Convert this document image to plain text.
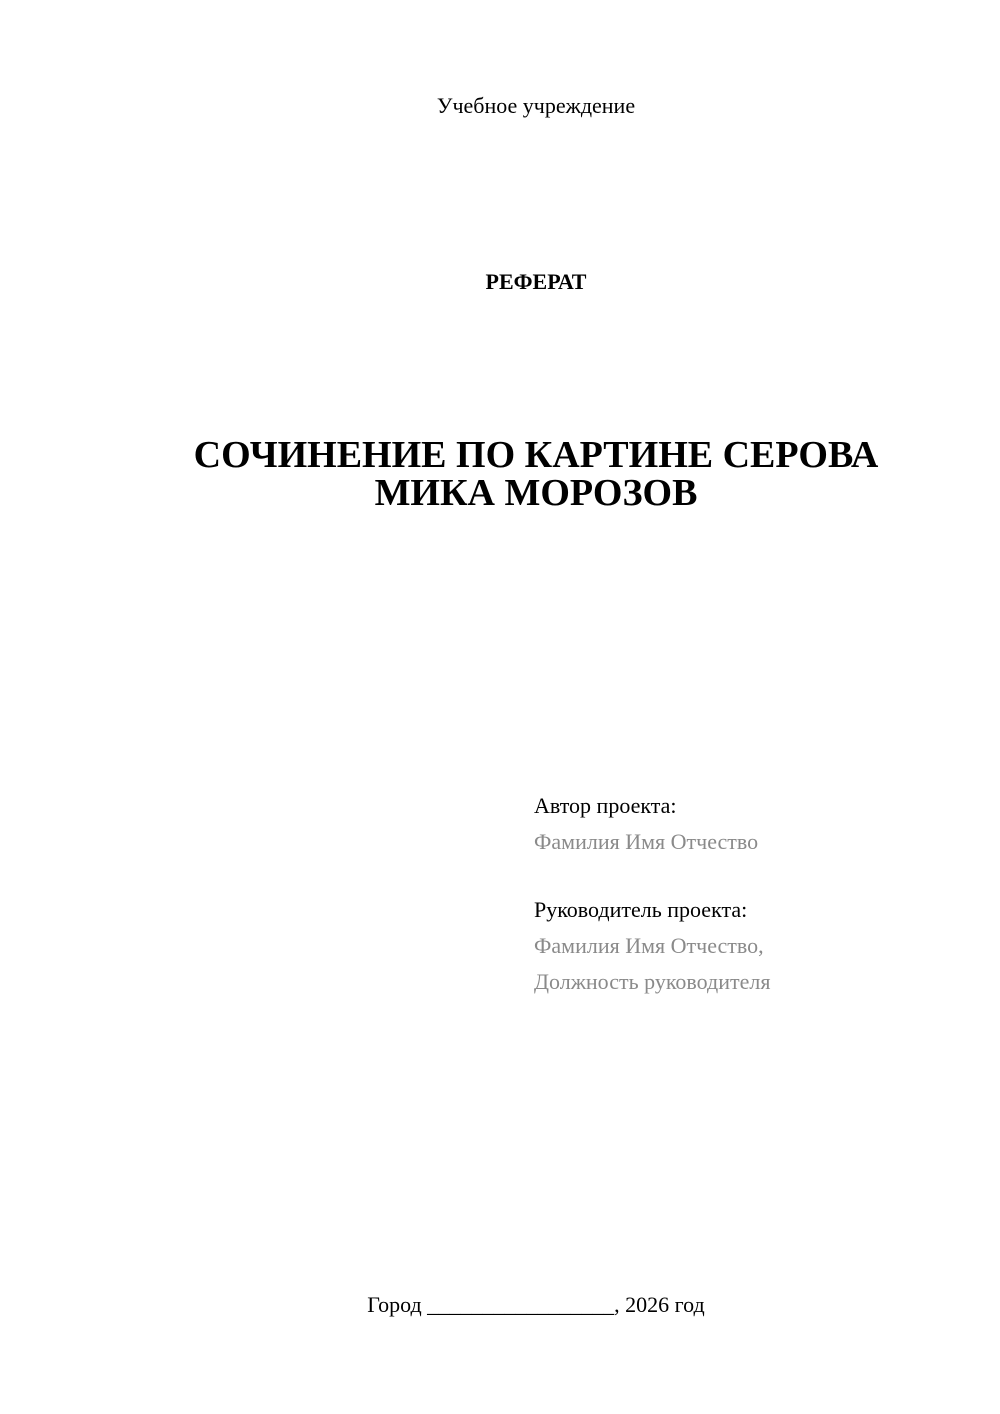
Учебное учреждение
РЕФЕРАТ
СОЧИНЕНИЕ ПО КАРТИНЕ СЕРОВА
МИКА МОРОЗОВ
Автор проекта:
Фамилия Имя Отчество
Руководитель проекта:
Фамилия Имя Отчество,
Должность руководителя
Город _________________, 2026 год
